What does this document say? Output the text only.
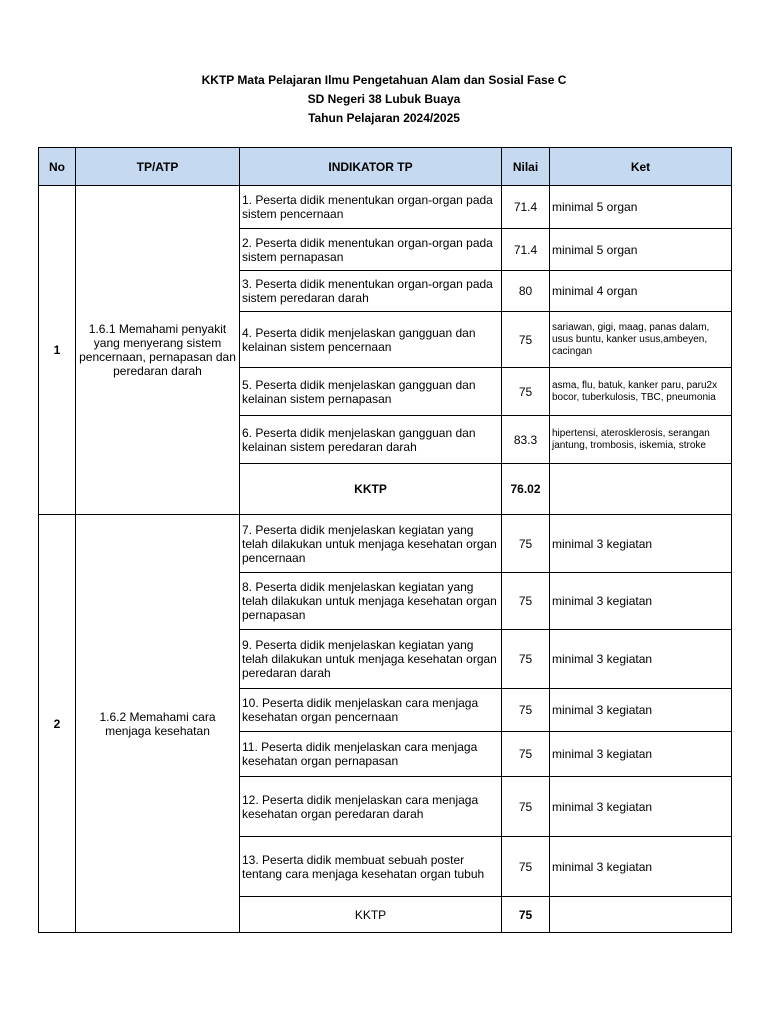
KKTP Mata Pelajaran Ilmu Pengetahuan Alam dan Sosial Fase C
SD Negeri 38 Lubuk Buaya
Tahun Pelajaran 2024/2025
No	TP/ATP	INDIKATOR TP	Nilai	Ket
1	1.6.1 Memahami penyakit yang menyerang sistem pencernaan, pernapasan dan peredaran darah	1. Peserta didik menentukan organ-organ pada sistem pencernaan	71.4	minimal 5 organ
		2. Peserta didik menentukan organ-organ pada sistem pernapasan	71.4	minimal 5 organ
		3. Peserta didik menentukan organ-organ pada sistem peredaran darah	80	minimal 4 organ
		4. Peserta didik menjelaskan gangguan dan kelainan sistem pencernaan	75	sariawan, gigi, maag, panas dalam, usus buntu, kanker usus,ambeyen, cacingan
		5. Peserta didik menjelaskan gangguan dan kelainan sistem pernapasan	75	asma, flu, batuk, kanker paru, paru2x bocor, tuberkulosis, TBC, pneumonia
		6. Peserta didik menjelaskan gangguan dan kelainan sistem peredaran darah	83.3	hipertensi, aterosklerosis, serangan jantung, trombosis, iskemia, stroke
		KKTP	76.02	
2	1.6.2 Memahami cara menjaga kesehatan	7. Peserta didik menjelaskan kegiatan yang telah dilakukan untuk menjaga kesehatan organ pencernaan	75	minimal 3 kegiatan
		8. Peserta didik menjelaskan kegiatan yang telah dilakukan untuk menjaga kesehatan organ pernapasan	75	minimal 3 kegiatan
		9. Peserta didik menjelaskan kegiatan yang telah dilakukan untuk menjaga kesehatan organ peredaran darah	75	minimal 3 kegiatan
		10. Peserta didik menjelaskan cara menjaga kesehatan organ pencernaan	75	minimal 3 kegiatan
		11. Peserta didik menjelaskan cara menjaga kesehatan organ pernapasan	75	minimal 3 kegiatan
		12. Peserta didik menjelaskan cara menjaga kesehatan organ peredaran darah	75	minimal 3 kegiatan
		13. Peserta didik membuat sebuah poster tentang cara menjaga kesehatan organ tubuh	75	minimal 3 kegiatan
		KKTP	75	
